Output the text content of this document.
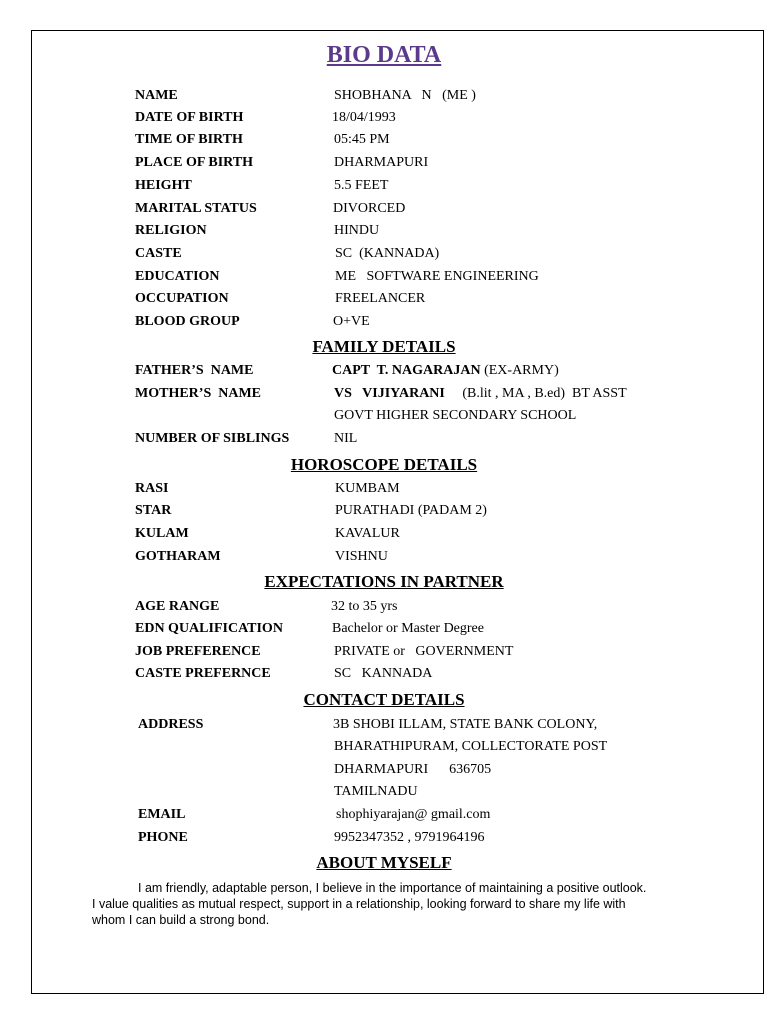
BIO DATA
NAME	SHOBHANA   N   (ME )
DATE OF BIRTH	18/04/1993
TIME OF BIRTH	05:45 PM
PLACE OF BIRTH	DHARMAPURI
HEIGHT	5.5 FEET
MARITAL STATUS	DIVORCED
RELIGION	HINDU
CASTE	SC  (KANNADA)
EDUCATION	ME   SOFTWARE ENGINEERING
OCCUPATION	FREELANCER
BLOOD GROUP	O+VE
FAMILY DETAILS
FATHER’S  NAME	CAPT  T. NAGARAJAN (EX-ARMY)
MOTHER’S  NAME	VS   VIJIYARANI     (B.lit , MA , B.ed)  BT ASST
GOVT HIGHER SECONDARY SCHOOL
NUMBER OF SIBLINGS	NIL
HOROSCOPE DETAILS
RASI	KUMBAM
STAR	PURATHADI (PADAM 2)
KULAM	KAVALUR
GOTHARAM	VISHNU
EXPECTATIONS IN PARTNER
AGE RANGE	32 to 35 yrs
EDN QUALIFICATION	Bachelor or Master Degree
JOB PREFERENCE	PRIVATE or   GOVERNMENT
CASTE PREFERNCE	SC   KANNADA
CONTACT DETAILS
ADDRESS	3B SHOBI ILLAM, STATE BANK COLONY,
BHARATHIPURAM, COLLECTORATE POST
DHARMAPURI      636705
TAMILNADU
EMAIL	shophiyarajan@ gmail.com
PHONE	9952347352 , 9791964196
ABOUT MYSELF
I am friendly, adaptable person, I believe in the importance of maintaining a positive outlook.
I value qualities as mutual respect, support in a relationship, looking forward to share my life with
whom I can build a strong bond.
